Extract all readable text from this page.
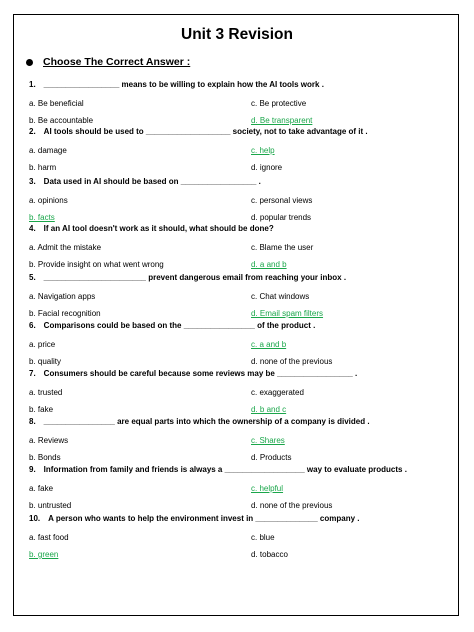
Unit 3 Revision
Choose The Correct Answer :
1. _________________ means to be willing to explain how the AI tools work .
a. Be beneficial	c. Be protective
b. Be accountable	d. Be transparent
2. AI tools should be used to ___________________ society, not to take advantage of it .
a. damage	c. help
b. harm	d. ignore
3. Data used in AI should be based on _________________ .
a. opinions	c. personal views
b. facts	d. popular trends
4. If an AI tool doesn't work as it should, what should be done?
a. Admit the mistake	c. Blame the user
b. Provide insight on what went wrong	d. a and b
5. _______________________ prevent dangerous email from reaching your inbox .
a. Navigation apps	c. Chat windows
b. Facial recognition	d. Email spam filters
6. Comparisons could be based on the ________________ of the product .
a. price	c. a and b
b. quality	d. none of the previous
7. Consumers should be careful because some reviews may be _________________ .
a. trusted	c. exaggerated
b. fake	d. b and c
8. ________________ are equal parts into which the ownership of a company is divided .
a. Reviews	c. Shares
b. Bonds	d. Products
9. Information from family and friends is always a __________________ way to evaluate products .
a. fake	c. helpful
b. untrusted	d. none of the previous
10. A person who wants to help the environment invest in ______________ company .
a. fast food	c. blue
b. green	d. tobacco
